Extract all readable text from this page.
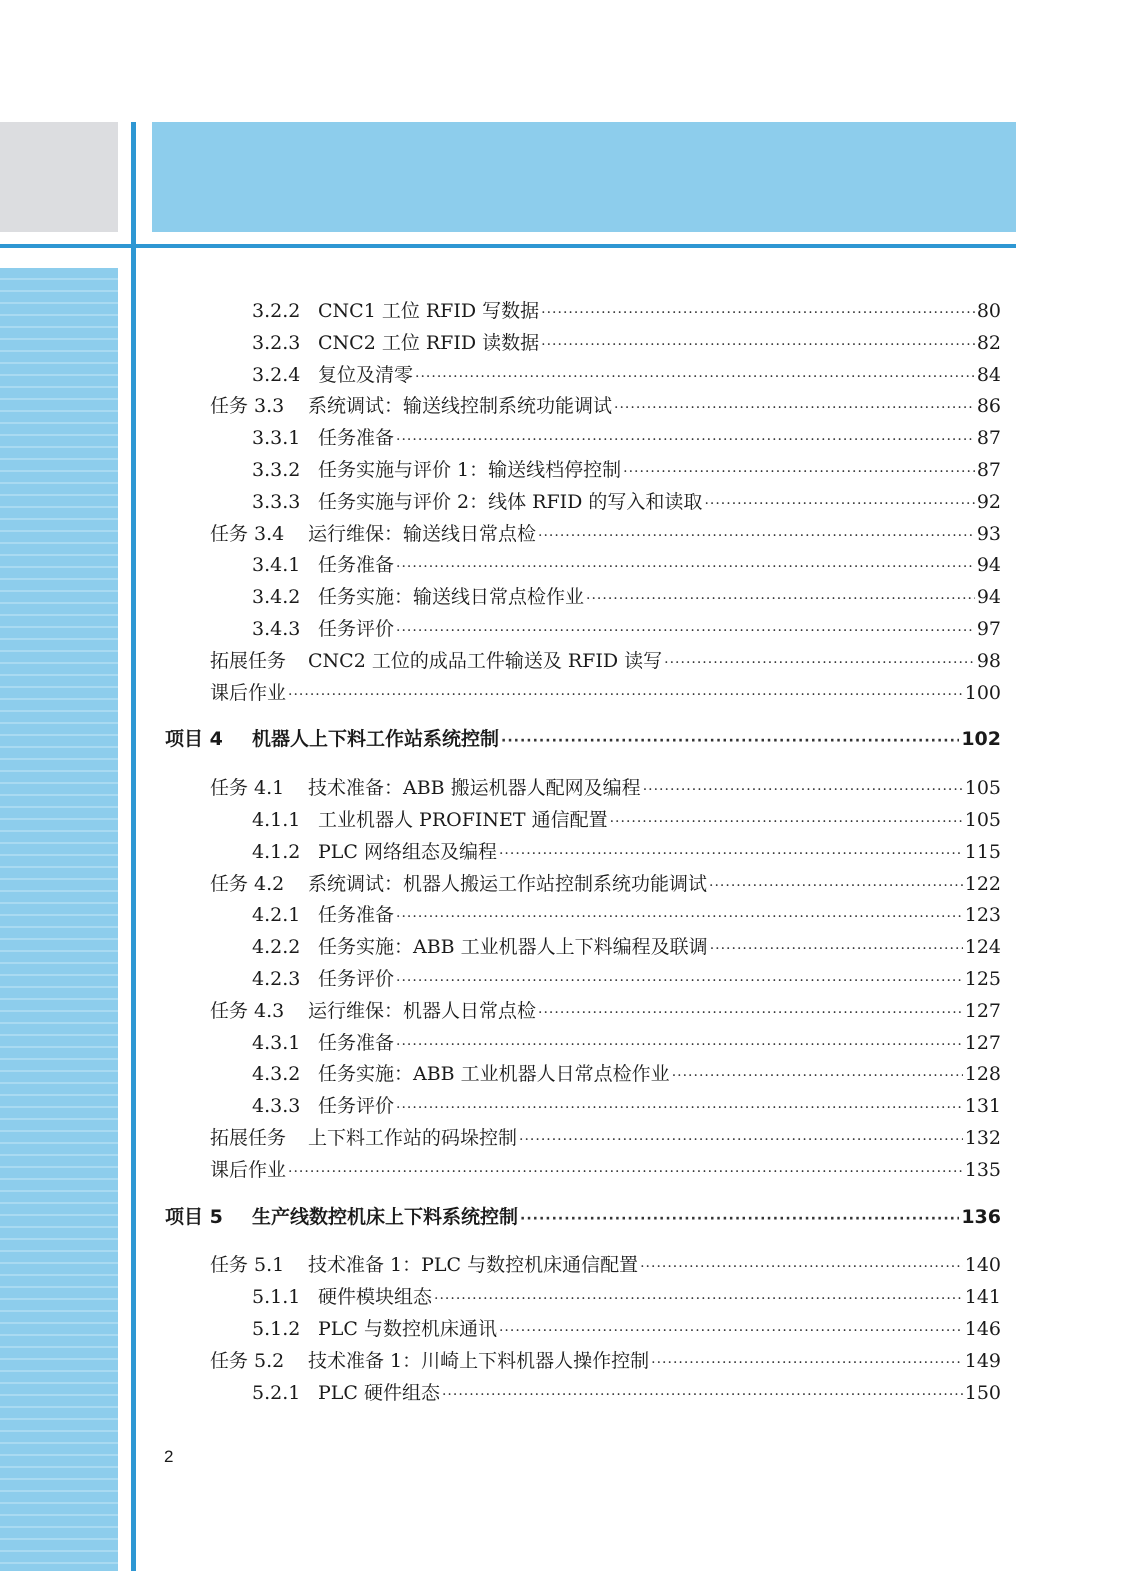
3.2.2 CNC1 工位 RFID 写数据 ·····	80
3.2.3 CNC2 工位 RFID 读数据 ·····	82
3.2.4 复位及清零 ·····	84
任务 3.3	系统调试：输送线控制系统功能调试 ·····	86
3.3.1 任务准备 ·····	87
3.3.2 任务实施与评价 1：输送线档停控制 ·····	87
3.3.3 任务实施与评价 2：线体 RFID 的写入和读取 ·····	92
任务 3.4	运行维保：输送线日常点检 ·····	93
3.4.1 任务准备 ·····	94
3.4.2 任务实施：输送线日常点检作业 ·····	94
3.4.3 任务评价 ·····	97
拓展任务	CNC2 工位的成品工件输送及 RFID 读写 ·····	98
课后作业 ·····	100
项目 4	机器人上下料工作站系统控制 ·····	102
任务 4.1	技术准备：ABB 搬运机器人配网及编程 ·····	105
4.1.1 工业机器人 PROFINET 通信配置 ·····	105
4.1.2 PLC 网络组态及编程 ·····	115
任务 4.2	系统调试：机器人搬运工作站控制系统功能调试 ·····	122
4.2.1 任务准备 ·····	123
4.2.2 任务实施：ABB 工业机器人上下料编程及联调 ·····	124
4.2.3 任务评价 ·····	125
任务 4.3	运行维保：机器人日常点检 ·····	127
4.3.1 任务准备 ·····	127
4.3.2 任务实施：ABB 工业机器人日常点检作业 ·····	128
4.3.3 任务评价 ·····	131
拓展任务	上下料工作站的码垛控制 ·····	132
课后作业 ·····	135
项目 5	生产线数控机床上下料系统控制 ·····	136
任务 5.1	技术准备 1：PLC 与数控机床通信配置 ·····	140
5.1.1 硬件模块组态 ·····	141
5.1.2 PLC 与数控机床通讯 ·····	146
任务 5.2	技术准备 1：川崎上下料机器人操作控制 ·····	149
5.2.1 PLC 硬件组态 ·····	150
2
